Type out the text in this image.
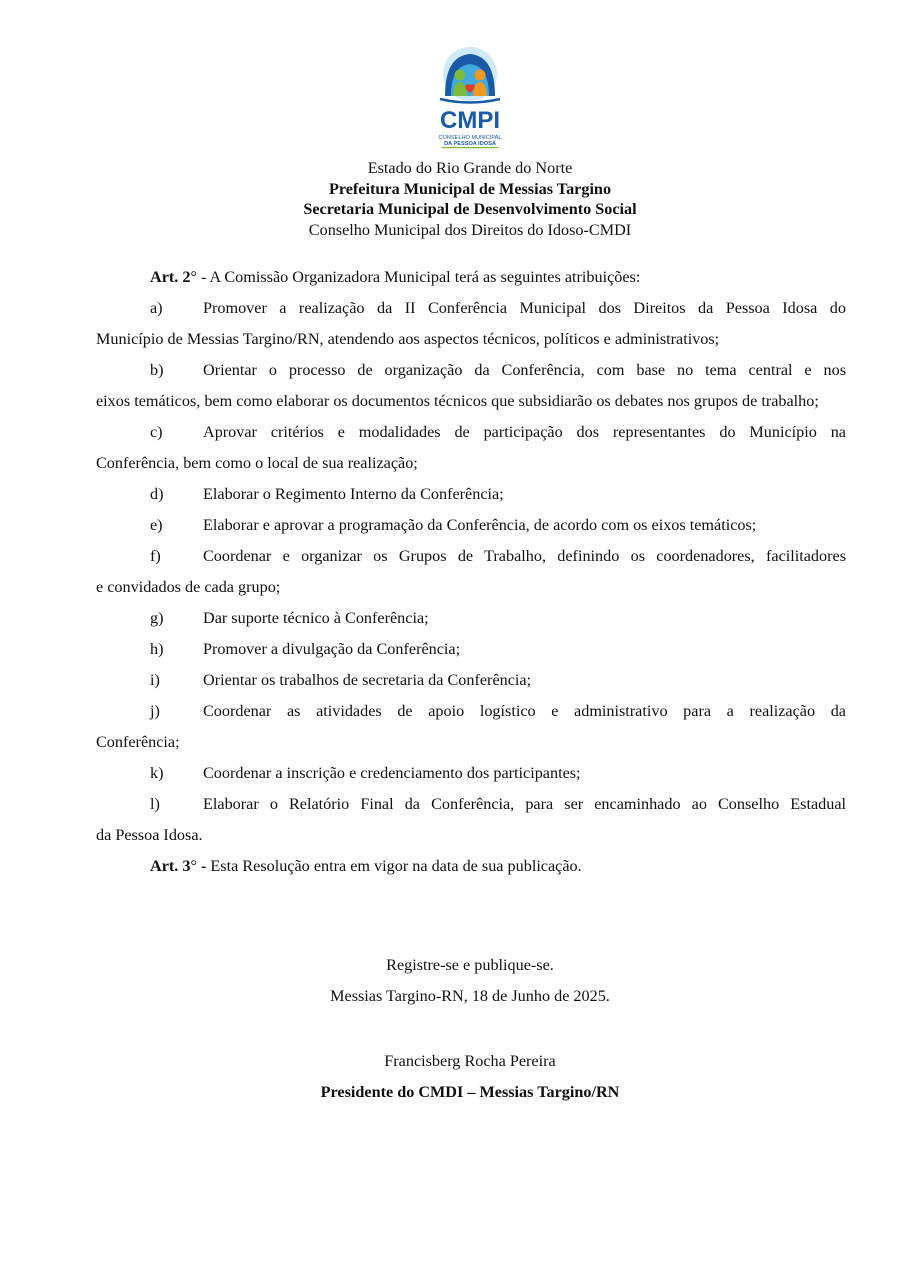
CMPI
CONSELHO MUNICIPAL
DA PESSOA IDOSA
Estado do Rio Grande do Norte
Prefeitura Municipal de Messias Targino
Secretaria Municipal de Desenvolvimento Social
Conselho Municipal dos Direitos do Idoso-CMDI

Art. 2° - A Comissão Organizadora Municipal terá as seguintes atribuições:

a) Promover a realização da II Conferência Municipal dos Direitos da Pessoa Idosa do

Município de Messias Targino/RN, atendendo aos aspectos técnicos, políticos e administrativos;

b) Orientar o processo de organização da Conferência, com base no tema central e nos

eixos temáticos, bem como elaborar os documentos técnicos que subsidiarão os debates nos grupos de trabalho;

c) Aprovar critérios e modalidades de participação dos representantes do Município na

Conferência, bem como o local de sua realização;

d) Elaborar o Regimento Interno da Conferência;

e) Elaborar e aprovar a programação da Conferência, de acordo com os eixos temáticos;

f)	Coordenar e organizar os Grupos de Trabalho, definindo os coordenadores, facilitadores

e convidados de cada grupo;

g) Dar suporte técnico à Conferência;

h) Promover a divulgação da Conferência;

i)	Orientar os trabalhos de secretaria da Conferência;

j)	Coordenar as atividades de apoio logístico e administrativo para a realização da

Conferência;

k) Coordenar a inscrição e credenciamento dos participantes;

l)	Elaborar o Relatório Final da Conferência, para ser encaminhado ao Conselho Estadual

da Pessoa Idosa.

Art. 3° - Esta Resolução entra em vigor na data de sua publicação.

Registre-se e publique-se.
Messias Targino-RN, 18 de Junho de 2025.
Francisberg Rocha Pereira
Presidente do CMDI – Messias Targino/RN
